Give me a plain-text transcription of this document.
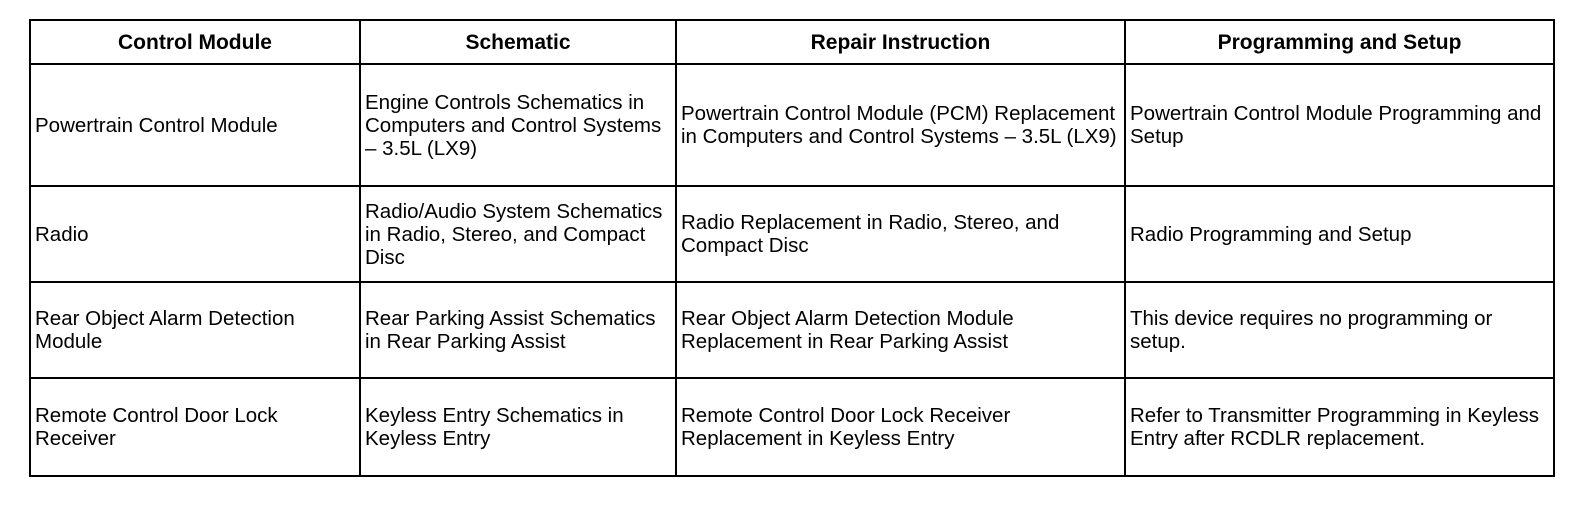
Control Module	Schematic	Repair Instruction	Programming and Setup
Powertrain Control Module	Engine Controls Schematics in Computers and Control Systems – 3.5L (LX9)	Powertrain Control Module (PCM) Replacement in Computers and Control Systems – 3.5L (LX9)	Powertrain Control Module Programming and Setup
Radio	Radio/Audio System Schematics in Radio, Stereo, and Compact Disc	Radio Replacement in Radio, Stereo, and Compact Disc	Radio Programming and Setup
Rear Object Alarm Detection Module	Rear Parking Assist Schematics in Rear Parking Assist	Rear Object Alarm Detection Module Replacement in Rear Parking Assist	This device requires no programming or setup.
Remote Control Door Lock Receiver	Keyless Entry Schematics in Keyless Entry	Remote Control Door Lock Receiver Replacement in Keyless Entry	Refer to Transmitter Programming in Keyless Entry after RCDLR replacement.
